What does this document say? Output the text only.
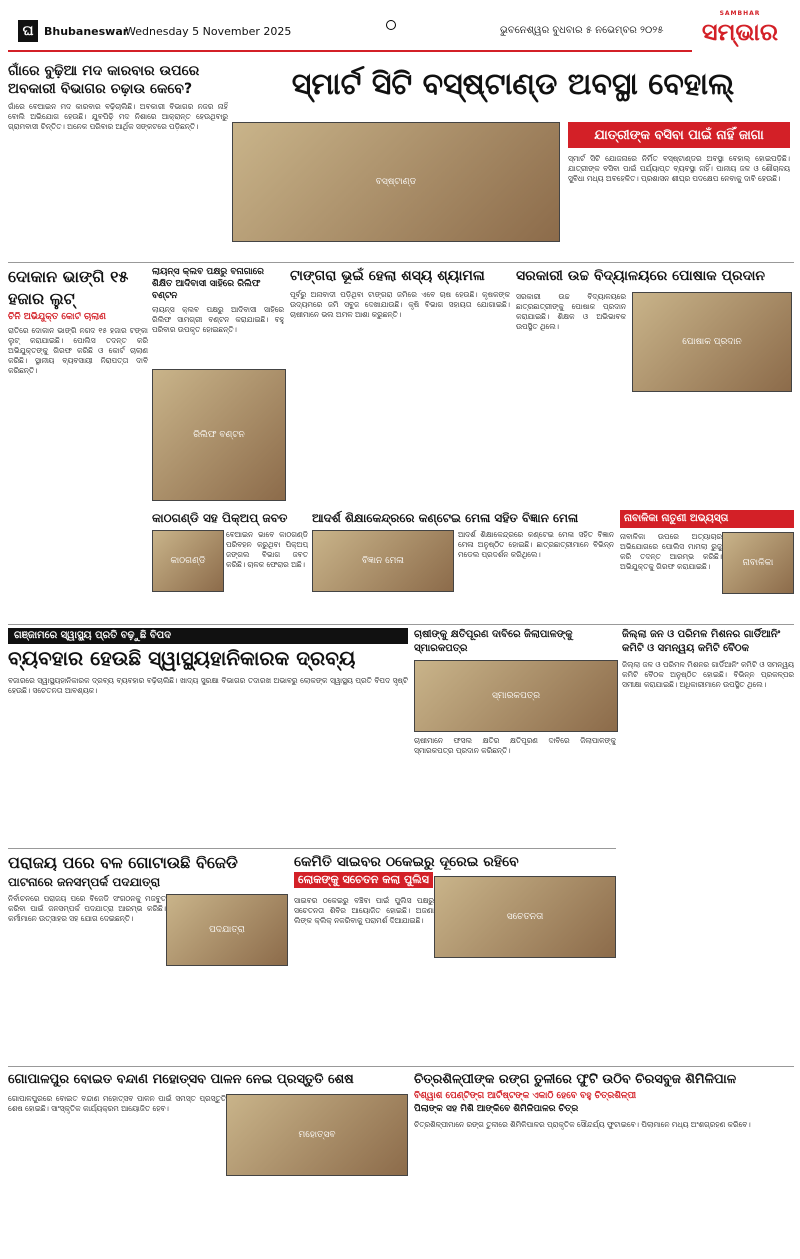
ଘ Bhubaneswar
Wednesday 5 November 2025	ଭୁବନେଶ୍ୱର ବୁଧବାର ୫ ନଭେମ୍ବର ୨୦୨୫
SAMBHAR
ସମ୍ଭାର
ଗାଁରେ ବୁଢ଼ିଆ ମଦ କାରବାର ଉପରେ ଅବକାରୀ ବିଭାଗର ଚଢ଼ାଉ କେବେ?
ଗାଁରେ ବେଆଇନ ମଦ କାରବାର ବଢ଼ିଚାଲିଛି। ଅବକାରୀ ବିଭାଗର ନଜର ନାହିଁ ବୋଲି ଅଭିଯୋଗ ହେଉଛି। ଯୁବପିଢ଼ି ମଦ ନିଶାରେ ଆକ୍ରାନ୍ତ ହେଉଥିବାରୁ ଗ୍ରାମବାସୀ ଚିନ୍ତିତ। ଅନେକ ପରିବାର ଆର୍ଥିକ ସଙ୍କଟରେ ପଡ଼ିଛନ୍ତି।
ସ୍ମାର୍ଟ ସିଟି ବସ୍‌ଷ୍ଟାଣ୍ଡ ଅବସ୍ଥା ବେହାଲ୍
ବସ୍‌ଷ୍ଟାଣ୍ଡ
ଯାତ୍ରୀଙ୍କ ବସିବା ପାଇଁ ନାହିଁ ଜାଗା
ସ୍ମାର୍ଟ ସିଟି ଯୋଜନାରେ ନିର୍ମିତ ବସ୍‌ଷ୍ଟାଣ୍ଡର ଅବସ୍ଥା ବେହାଲ୍ ହୋଇପଡ଼ିଛି। ଯାତ୍ରୀଙ୍କ ବସିବା ପାଇଁ ପର୍ଯ୍ୟାପ୍ତ ବ୍ୟବସ୍ଥା ନାହିଁ। ପାନୀୟ ଜଳ ଓ ଶୌଚାଳୟ ସୁବିଧା ମଧ୍ୟ ଅବହେଳିତ। ପ୍ରଶାସନ ଶୀଘ୍ର ପଦକ୍ଷେପ ନେବାକୁ ଦାବି ହେଉଛି।
ଦୋକାନ ଭାଙ୍ଗି ୧୫ ହଜାର ଲୁଟ୍
ଚିନି ଅଭିଯୁକ୍ତ କୋର୍ଟ ଚାଲାଣ
ରାତିରେ ଦୋକାନ ଭାଙ୍ଗି ନଗଦ ୧୫ ହଜାର ଟଙ୍କା ଲୁଟ୍ କରାଯାଇଛି। ପୋଲିସ ତଦନ୍ତ କରି ଅଭିଯୁକ୍ତଙ୍କୁ ଗିରଫ କରିଛି ଓ କୋର୍ଟ ଚାଲାଣ କରିଛି। ସ୍ଥାନୀୟ ବ୍ୟବସାୟୀ ନିରାପତ୍ତା ଦାବି କରିଛନ୍ତି।
ଲାୟନ୍ସ କ୍ଲବ ପକ୍ଷରୁ ବନାଗାରେ ଶିକ୍ଷିତ ଆଦିବାସୀ ସାହିରେ ରିଲିଫ ବଣ୍ଟନ
ଲାୟନ୍ସ କ୍ଲବ ପକ୍ଷରୁ ଆଦିବାସୀ ସାହିରେ ରିଲିଫ ସାମଗ୍ରୀ ବଣ୍ଟନ କରାଯାଇଛି। ବହୁ ପରିବାର ଉପକୃତ ହୋଇଛନ୍ତି।
ରିଲିଫ ବଣ୍ଟନ
ଟାଙ୍ଗରା ଭୂଇଁ ହେଲା ଶସ୍ୟ ଶ୍ୟାମଳା
ପୂର୍ବରୁ ଅନାବାଦୀ ପଡ଼ିଥିବା ଟାଙ୍ଗରା ଜମିରେ ଏବେ ଚାଷ ହେଉଛି। କୃଷକଙ୍କ ଉଦ୍ୟମରେ ଜମି ସବୁଜ ଦେଖାଯାଉଛି। କୃଷି ବିଭାଗ ସହାୟତା ଯୋଗାଇଛି। ଚାଷୀମାନେ ଭଲ ଅମଳ ଆଶା କରୁଛନ୍ତି।
ସରକାରୀ ଉଚ୍ଚ ବିଦ୍ୟାଳୟରେ ପୋଷାକ ପ୍ରଦାନ
ସରକାରୀ ଉଚ୍ଚ ବିଦ୍ୟାଳୟରେ ଛାତ୍ରଛାତ୍ରୀଙ୍କୁ ପୋଷାକ ପ୍ରଦାନ କରାଯାଇଛି। ଶିକ୍ଷକ ଓ ଅଭିଭାବକ ଉପସ୍ଥିତ ଥିଲେ।
ପୋଷାକ ପ୍ରଦାନ
କାଠଗଣ୍ଡି ସହ ପିକ୍‌ଅପ୍ ଜବତ
କାଠଗଣ୍ଡି
ବେଆଇନ ଭାବେ କାଠଗଣ୍ଡି ପରିବହନ କରୁଥିବା ପିକ୍‌ଅପ୍ ଜଙ୍ଗଲ ବିଭାଗ ଜବତ କରିଛି। ଚାଳକ ଫେରାର ଅଛି।
ଆଦର୍ଶ ଶିକ୍ଷାକେନ୍ଦ୍ରରେ କଣ୍ଟେଇ ମେଳା ସହିତ ବିଜ୍ଞାନ ମେଳା
ବିଜ୍ଞାନ ମେଳା
ଆଦର୍ଶ ଶିକ୍ଷାକେନ୍ଦ୍ରରେ କଣ୍ଟେଇ ମେଳା ସହିତ ବିଜ୍ଞାନ ମେଳା ଅନୁଷ୍ଠିତ ହୋଇଛି। ଛାତ୍ରଛାତ୍ରୀମାନେ ବିଭିନ୍ନ ମଡେଲ ପ୍ରଦର୍ଶନ କରିଥିଲେ।
ନାବାଳିକା ନାତୁଣୀ ଅଭ୍ୟସ୍ତା
ନାବାଳିକା
ନାବାଳିକା ଉପରେ ଅତ୍ୟାଚାର ଅଭିଯୋଗରେ ପୋଲିସ ମାମଲା ରୁଜୁ କରି ତଦନ୍ତ ଆରମ୍ଭ କରିଛି। ଅଭିଯୁକ୍ତକୁ ଗିରଫ କରାଯାଇଛି।
ଗଞ୍ଜାମରେ ସ୍ୱାସ୍ଥ୍ୟ ପ୍ରତି ବଢ଼ୁଛି ବିପଦ
ବ୍ୟବହାର ହେଉଛି ସ୍ୱାସ୍ଥ୍ୟହାନିକାରକ ଦ୍ରବ୍ୟ
ବଜାରରେ ସ୍ୱାସ୍ଥ୍ୟହାନିକାରକ ଦ୍ରବ୍ୟ ବ୍ୟବହାର ବଢ଼ିଚାଲିଛି। ଖାଦ୍ୟ ସୁରକ୍ଷା ବିଭାଗର ତଦାରଖ ଅଭାବରୁ ଲୋକଙ୍କ ସ୍ୱାସ୍ଥ୍ୟ ପ୍ରତି ବିପଦ ସୃଷ୍ଟି ହେଉଛି। ସଚେତନତା ଆବଶ୍ୟକ।
ଚାଷୀଙ୍କୁ କ୍ଷତିପୂରଣ ଦାବିରେ ଜିଲାପାଳଙ୍କୁ ସ୍ମାରକପତ୍ର
ସ୍ମାରକପତ୍ର
ଚାଷୀମାନେ ଫସଲ କ୍ଷତିର କ୍ଷତିପୂରଣ ଦାବିରେ ଜିଲାପାଳଙ୍କୁ ସ୍ମାରକପତ୍ର ପ୍ରଦାନ କରିଛନ୍ତି।
ଜିଲ୍ଲା ଜନ ଓ ପରିମଳ ମିଶନର ଗାର୍ଡିଆନିଂ କମିଟି ଓ ସମନ୍ୱୟ କମିଟି ବୈଠକ
ଜିଲ୍ଲା ଜଳ ଓ ପରିମଳ ମିଶନର ଗାର୍ଡିଆନିଂ କମିଟି ଓ ସମନ୍ୱୟ କମିଟି ବୈଠକ ଅନୁଷ୍ଠିତ ହୋଇଛି। ବିଭିନ୍ନ ପ୍ରକଳ୍ପର ସମୀକ୍ଷା କରାଯାଇଛି। ଅଧିକାରୀମାନେ ଉପସ୍ଥିତ ଥିଲେ।
ପରାଜୟ ପରେ ବଳ ଗୋଟାଉଛି ବିଜେଡି
ପାଟନାରେ ଜନସମ୍ପର୍କ ପଦଯାତ୍ରା
ପଦଯାତ୍ରା
ନିର୍ବାଚନରେ ପରାଜୟ ପରେ ବିଜେଡି ସଂଗଠନକୁ ମଜବୁତ କରିବା ପାଇଁ ଜନସମ୍ପର୍କ ପଦଯାତ୍ରା ଆରମ୍ଭ କରିଛି। କର୍ମୀମାନେ ଉତ୍ସାହର ସହ ଯୋଗ ଦେଇଛନ୍ତି।
କେମିତି ସାଇବର ଠକେଇରୁ ଦୂରେଇ ରହିବେ
ଲୋକଙ୍କୁ ସଚେତନ କଲା ପୁଲିସ
ସଚେତନତା
ସାଇବର ଠକେଇରୁ ବଞ୍ଚିବା ପାଇଁ ପୁଲିସ ପକ୍ଷରୁ ସଚେତନତା ଶିବିର ଆୟୋଜିତ ହୋଇଛି। ଅଜଣା ଲିଙ୍କ କ୍ଲିକ୍ ନକରିବାକୁ ପରାମର୍ଶ ଦିଆଯାଇଛି।
ଗୋପାଳପୁର ବୋଇତ ବନ୍ଦାଣ ମହୋତ୍ସବ ପାଳନ ନେଇ ପ୍ରସ୍ତୁତି ଶେଷ
ମହୋତ୍ସବ
ଗୋପାଳପୁରରେ ବୋଇତ ବନ୍ଦାଣ ମହୋତ୍ସବ ପାଳନ ପାଇଁ ସମସ୍ତ ପ୍ରସ୍ତୁତି ଶେଷ ହୋଇଛି। ସାଂସ୍କୃତିକ କାର୍ଯ୍ୟକ୍ରମ ଆୟୋଜିତ ହେବ।
ଚିତ୍ରଶିଳ୍ପୀଙ୍କ ରଙ୍ଗ ତୁଳୀରେ ଫୁଟି ଉଠିବ ଚିରସବୁଜ ଶିମିଳିପାଳ
ବିଶ୍ୱାଶ ପେଣ୍ଟିଙ୍ଗ ଆର୍ଟିଷ୍ଟଙ୍କ ଏକାଠି ହେବେ ବହୁ ଚିତ୍ରଶିଳ୍ପୀ
ପିଲାଙ୍କ ସହ ମିଶି ଆଙ୍କିବେ ଶିମିଳିପାଳର ଚିତ୍ର
ଚିତ୍ରଶିଳ୍ପୀମାନେ ରଙ୍ଗ ତୁଳୀରେ ଶିମିଳିପାଳର ପ୍ରାକୃତିକ ସୌନ୍ଦର୍ଯ୍ୟ ଫୁଟାଇବେ। ପିଲାମାନେ ମଧ୍ୟ ଅଂଶଗ୍ରହଣ କରିବେ।
